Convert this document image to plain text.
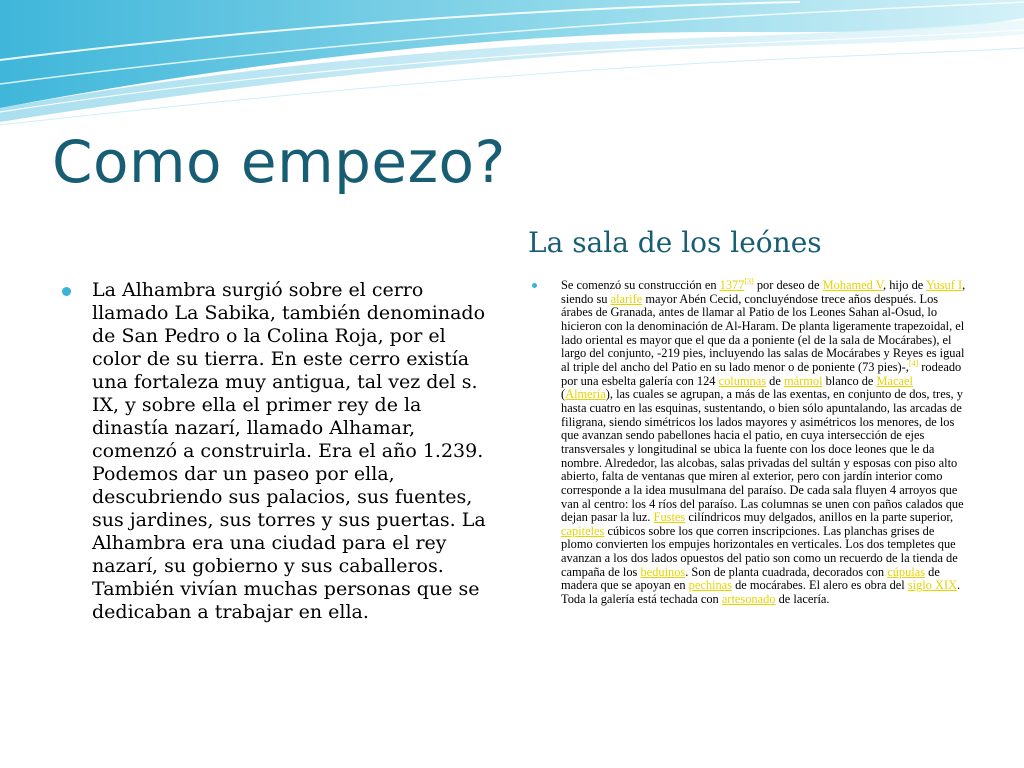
Como empezo?
La sala de los leónes

La Alhambra surgió sobre el cerro llamado La Sabika, también denominado de San Pedro o la Colina Roja, por el color de su tierra. En este cerro existía una fortaleza muy antigua, tal vez del s. IX, y sobre ella el primer rey de la dinastía nazarí, llamado Alhamar, comenzó a construirla. Era el año 1.239. Podemos dar un paseo por ella, descubriendo sus palacios, sus fuentes, sus jardines, sus torres y sus puertas. La Alhambra era una ciudad para el rey nazarí, su gobierno y sus caballeros. También vivían muchas personas que se dedicaban a trabajar en ella.

Se comenzó su construcción en 1377[3] por deseo de Mohamed V, hijo de Yusuf I, siendo su alarife mayor Abén Cecid, concluyéndose trece años después. Los árabes de Granada, antes de llamar al Patio de los Leones Sahan al-Osud, lo hicieron con la denominación de Al-Haram. De planta ligeramente trapezoidal, el lado oriental es mayor que el que da a poniente (el de la sala de Mocárabes), el largo del conjunto, -219 pies, incluyendo las salas de Mocárabes y Reyes es igual al triple del ancho del Patio en su lado menor o de poniente (73 pies)-,[4] rodeado por una esbelta galería con 124 columnas de mármol blanco de Macael (Almería), las cuales se agrupan, a más de las exentas, en conjunto de dos, tres, y hasta cuatro en las esquinas, sustentando, o bien sólo apuntalando, las arcadas de filigrana, siendo simétricos los lados mayores y asimétricos los menores, de los que avanzan sendo pabellones hacia el patio, en cuya intersección de ejes transversales y longitudinal se ubica la fuente con los doce leones que le da nombre. Alrededor, las alcobas, salas privadas del sultán y esposas con piso alto abierto, falta de ventanas que miren al exterior, pero con jardín interior como corresponde a la idea musulmana del paraíso. De cada sala fluyen 4 arroyos que van al centro: los 4 ríos del paraíso. Las columnas se unen con paños calados que dejan pasar la luz. Fustes cilíndricos muy delgados, anillos en la parte superior, capiteles cúbicos sobre los que corren inscripciones. Las planchas grises de plomo convierten los empujes horizontales en verticales. Los dos templetes que avanzan a los dos lados opuestos del patio son como un recuerdo de la tienda de campaña de los beduinos. Son de planta cuadrada, decorados con cúpulas de madera que se apoyan en pechinas de mocárabes. El alero es obra del siglo XIX. Toda la galería está techada con artesonado de lacería.
